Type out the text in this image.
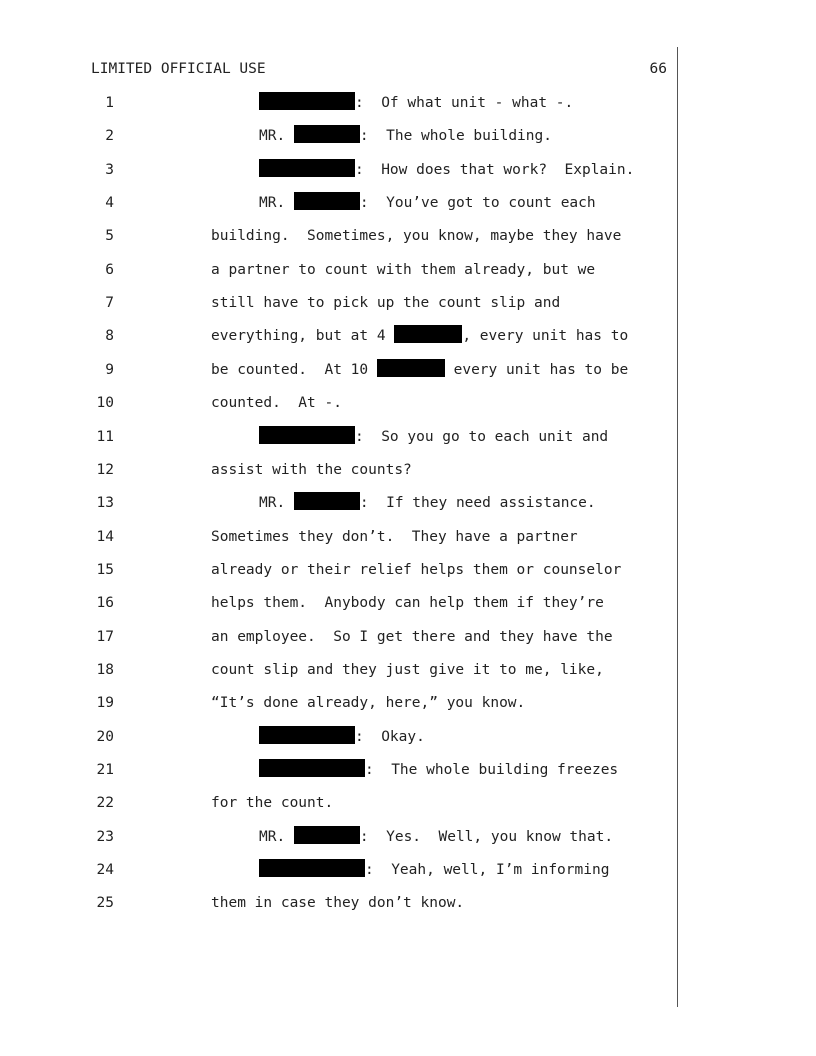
LIMITED OFFICIAL USE	66
1	:  Of what unit - what -.
2	MR.	:  The whole building.
3	:  How does that work?  Explain.
4	MR.	:  You’ve got to count each
5	building.  Sometimes, you know, maybe they have
6	a partner to count with them already, but we
7	still have to pick up the count slip and
8	everything, but at 4	, every unit has to
9	be counted.  At 10	every unit has to be
10	counted.  At -.
11	:  So you go to each unit and
12	assist with the counts?
13	MR.	:  If they need assistance.
14	Sometimes they don’t.  They have a partner
15	already or their relief helps them or counselor
16	helps them.  Anybody can help them if they’re
17	an employee.  So I get there and they have the
18	count slip and they just give it to me, like,
19	“It’s done already, here,” you know.
20	:  Okay.
21	:  The whole building freezes
22	for the count.
23	MR.	:  Yes.  Well, you know that.
24	:  Yeah, well, I’m informing
25	them in case they don’t know.
